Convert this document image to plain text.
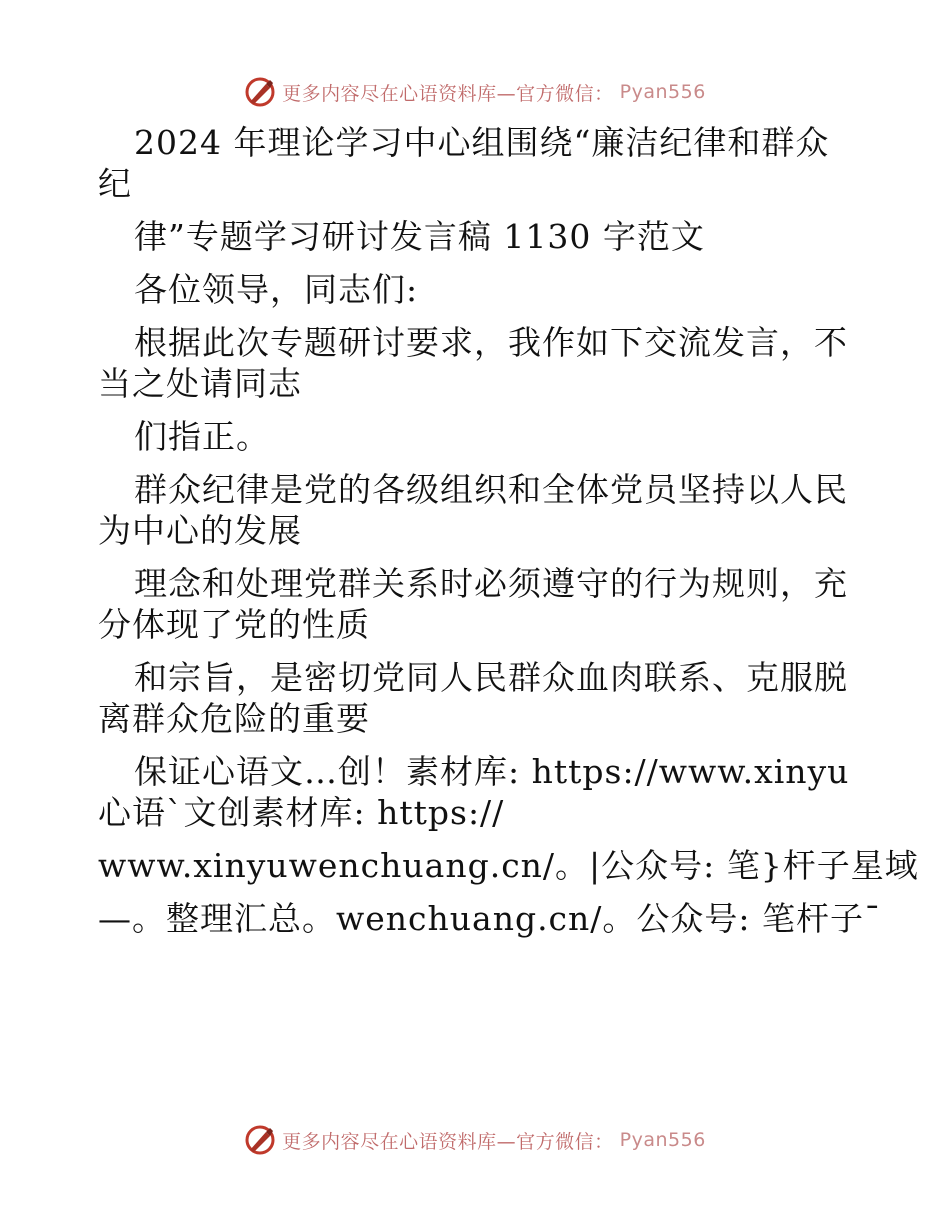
更多内容尽在心语资料库—官方微信： Pyan556
2024 年理论学习中心组围绕“廉洁纪律和群众
纪
律”专题学习研讨发言稿 1130 字范文
各位领导，同志们:
根据此次专题研讨要求，我作如下交流发言，不
当之处请同志
们指正。
群众纪律是党的各级组织和全体党员坚持以人民
为中心的发展
理念和处理党群关系时必须遵守的行为规则，充
分体现了党的性质
和宗旨，是密切党同人民群众血肉联系、克服脱
离群众危险的重要
保证心语文…创！素材库: https://www.xinyu
心语`文创素材库: https://
www.xinyuwenchuang.cn/。|公众号: 笔}杆子星域
—。整理汇总。wenchuang.cn/。公众号: 笔杆子¯
更多内容尽在心语资料库—官方微信： Pyan556
